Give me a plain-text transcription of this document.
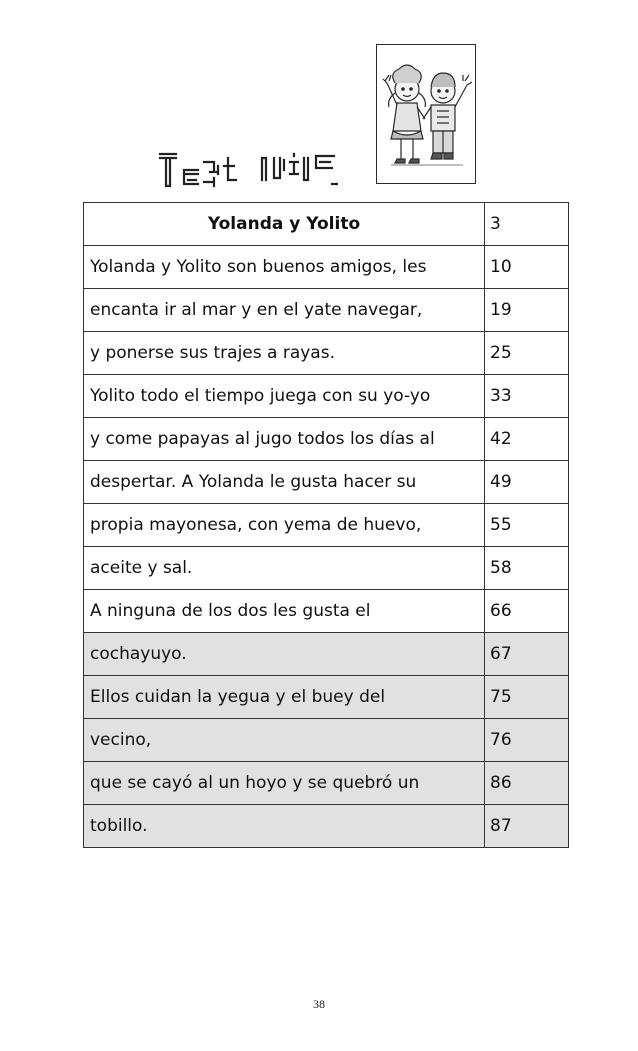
Yolanda y Yolito	3
Yolanda y Yolito son buenos amigos, les	10
encanta ir al mar y en el yate navegar,	19
y ponerse sus trajes a rayas.	25
Yolito todo el tiempo juega con su yo-yo	33
y come papayas al jugo todos los días al	42
despertar. A Yolanda le gusta hacer su	49
propia mayonesa, con yema de huevo,	55
aceite y sal.	58
A ninguna de los dos les gusta el	66
cochayuyo.	67
Ellos cuidan la yegua y el buey del	75
vecino,	76
que se cayó al un hoyo y se quebró un	86
tobillo.	87
38
